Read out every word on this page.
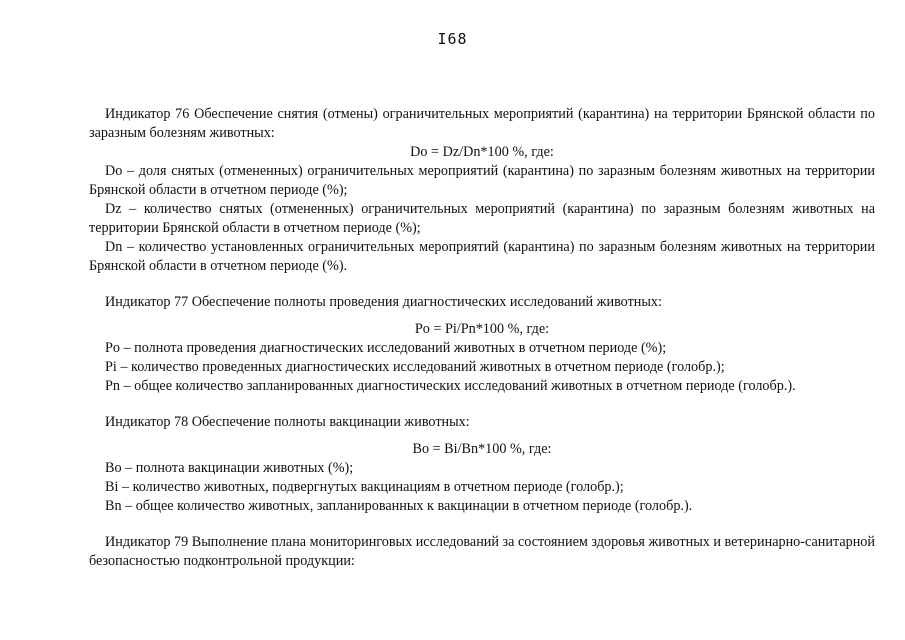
I68

Индикатор 76 Обеспечение снятия (отмены) ограничительных мероприятий (карантина) на территории Брянской области по заразным болезням животных:

Do = Dz/Dn*100 %, где:

Do – доля снятых (отмененных) ограничительных мероприятий (карантина) по заразным болезням животных на территории Брянской области в отчетном периоде (%);

Dz – количество снятых (отмененных) ограничительных мероприятий (карантина) по заразным болезням животных на территории Брянской области в отчетном периоде (%);

Dn – количество установленных ограничительных мероприятий (карантина) по заразным болезням животных на территории Брянской области в отчетном периоде (%).

Индикатор 77 Обеспечение полноты проведения диагностических исследований животных:

Po = Pi/Pn*100 %, где:

Po – полнота проведения диагностических исследований животных в отчетном периоде (%);

Pi – количество проведенных диагностических исследований животных в отчетном периоде (голобр.);

Pn – общее количество запланированных диагностических исследований животных в отчетном периоде (голобр.).

Индикатор 78 Обеспечение полноты вакцинации животных:

Bo = Bi/Bn*100 %, где:

Bo – полнота вакцинации животных (%);

Bi – количество животных, подвергнутых вакцинациям в отчетном периоде (голобр.);

Bn – общее количество животных, запланированных к вакцинации в отчетном периоде (голобр.).

Индикатор 79 Выполнение плана мониторинговых исследований за состоянием здоровья животных и ветеринарно-санитарной безопасностью подконтрольной продукции:
